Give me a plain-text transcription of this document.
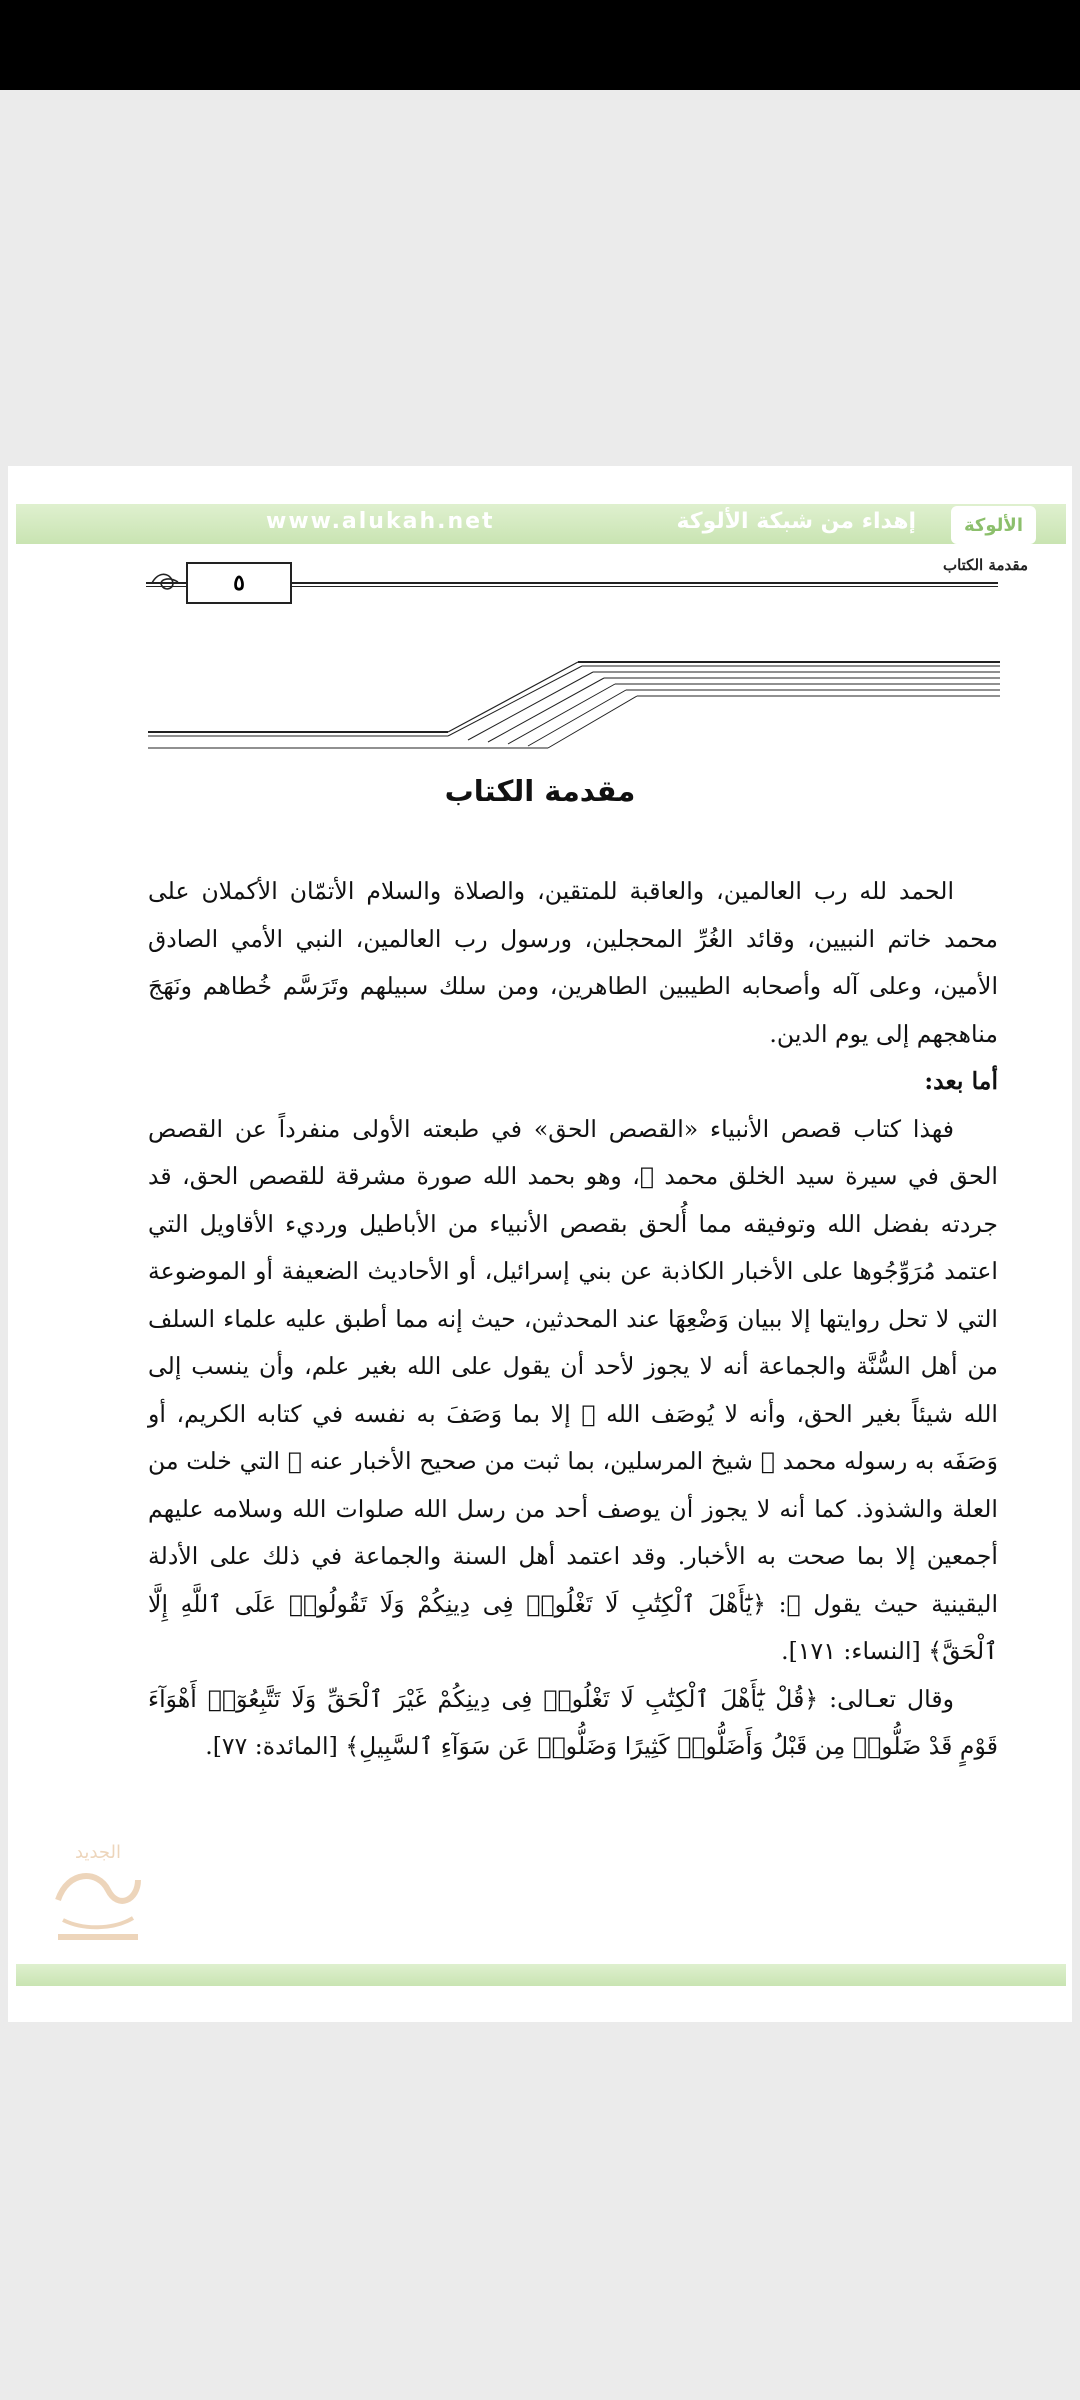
الألوكة
إهداء من شبكة الألوكة
www.alukah.net
مقدمة الكتاب
٥
مقدمة الكتاب

الحمد لله رب العالمين، والعاقبة للمتقين، والصلاة والسلام الأتمّان الأكملان على محمد خاتم النبيين، وقائد الغُرِّ المحجلين، ورسول رب العالمين، النبي الأمي الصادق الأمين، وعلى آله وأصحابه الطيبين الطاهرين، ومن سلك سبيلهم وتَرَسَّم خُطاهم ونَهَجَ مناهجهم إلى يوم الدين.

أما بعد:

فهذا كتاب قصص الأنبياء «القصص الحق» في طبعته الأولى منفرداً عن القصص الحق في سيرة سيد الخلق محمد ﷺ، وهو بحمد الله صورة مشرقة للقصص الحق، قد جردته بفضل الله وتوفيقه مما أُلحق بقصص الأنبياء من الأباطيل ورديء الأقاويل التي اعتمد مُرَوِّجُوها على الأخبار الكاذبة عن بني إسرائيل، أو الأحاديث الضعيفة أو الموضوعة التي لا تحل روايتها إلا ببيان وَضْعِهَا عند المحدثين، حيث إنه مما أطبق عليه علماء السلف من أهل السُّنَّة والجماعة أنه لا يجوز لأحد أن يقول على الله بغير علم، وأن ينسب إلى الله شيئاً بغير الحق، وأنه لا يُوصَف الله ﷻ إلا بما وَصَفَ به نفسه في كتابه الكريم، أو وَصَفَه به رسوله محمد ﷺ شيخ المرسلين، بما ثبت من صحيح الأخبار عنه ﷺ التي خلت من العلة والشذوذ. كما أنه لا يجوز أن يوصف أحد من رسل الله صلوات الله وسلامه عليهم أجمعين إلا بما صحت به الأخبار. وقد اعتمد أهل السنة والجماعة في ذلك على الأدلة اليقينية حيث يقول ﷻ: ﴿يَٰٓأَهْلَ ٱلْكِتَٰبِ لَا تَغْلُوا۟ فِى دِينِكُمْ وَلَا تَقُولُوا۟ عَلَى ٱللَّهِ إِلَّا ٱلْحَقَّ﴾ [النساء: ١٧١].

وقال تعـالى: ﴿قُلْ يَٰٓأَهْلَ ٱلْكِتَٰبِ لَا تَغْلُوا۟ فِى دِينِكُمْ غَيْرَ ٱلْحَقِّ وَلَا تَتَّبِعُوٓا۟ أَهْوَآءَ قَوْمٍ قَدْ ضَلُّوا۟ مِن قَبْلُ وَأَضَلُّوا۟ كَثِيرًا وَضَلُّوا۟ عَن سَوَآءِ ٱلسَّبِيلِ﴾ [المائدة: ٧٧].

الجديد
